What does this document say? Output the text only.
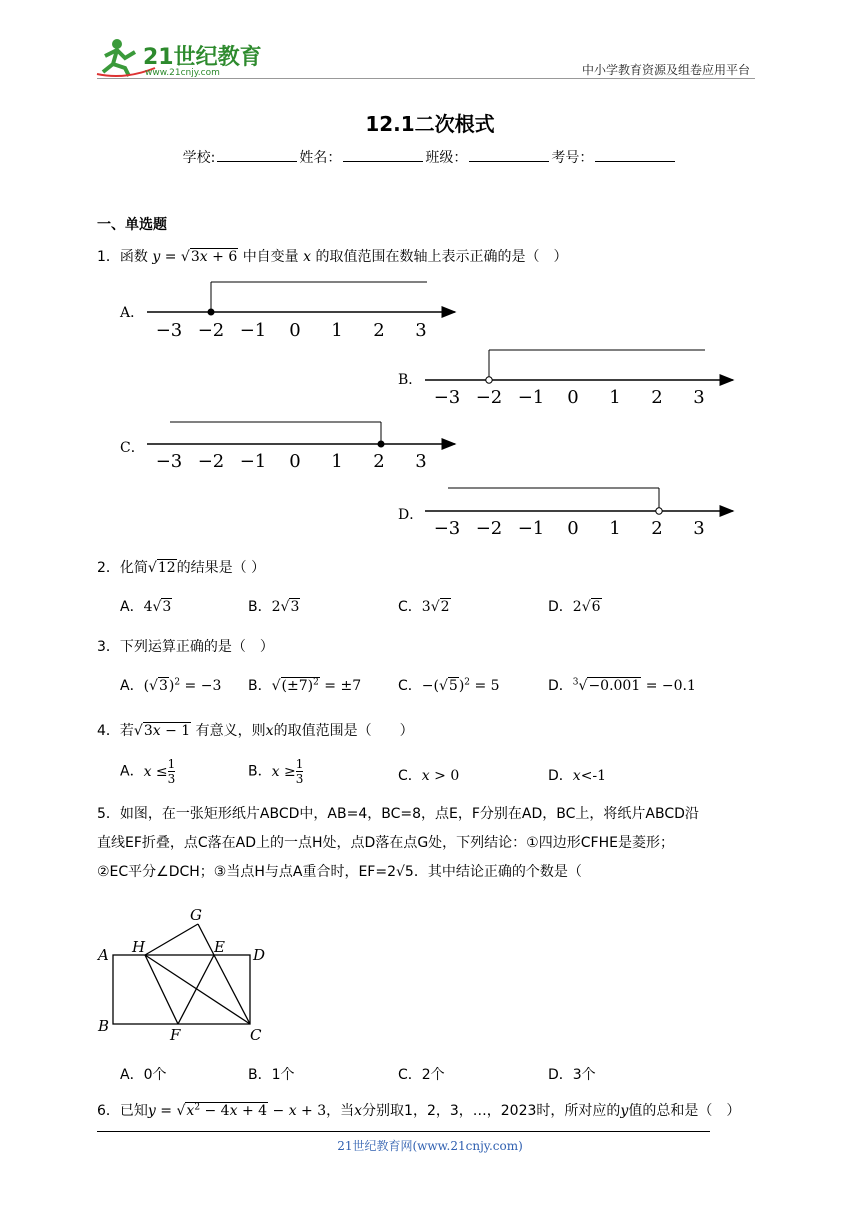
21世纪教育
www.21cnjy.com	中小学教育资源及组卷应用平台
12.1二次根式
学校:	姓名：	班级：	考号：
一、单选题
1．函数 y = √3x + 6 中自变量 x 的取值范围在数轴上表示正确的是（　）
A．
−3 −2 −1 0 1 2 3
B．
−3 −2 −1 0 1 2 3
C．
−3 −2 −1 0 1 2 3
D．
−3 −2 −1 0 1 2 3
2．化简√12的结果是（ ）
A．4√3	B．2√3	C．3√2	D．2√6
3．下列运算正确的是（　）
A．$(√3)^2 = -3$ B．$√(\pm 7)^2 = \pm 7$	C．$-(√5)^2 = 5$	D．$^3$√−0.001 = −0.1
4．若√3x − 1 有意义，则x的取值范围是（　　）
A．$x \le \frac{1}{3}$	B．$x \ge \frac{1}{3}$	C．x > 0	D．x<-1
5．如图，在一张矩形纸片ABCD中，AB=4，BC=8，点E，F分别在AD，BC上，将纸片ABCD沿
直线EF折叠，点C落在AD上的一点H处，点D落在点G处，下列结论：①四边形CFHE是菱形；
②EC平分∠DCH；③当点H与点A重合时，EF=2√5．其中结论正确的个数是（
A
B	C
D
E
F
G
H
A．0个	B．1个	C．2个	D．3个
6．已知$y = √x^2 - 4x + 4 - x + 3$，当x分别取1，2，3，…，2023时，所对应的y值的总和是（　）
21世纪教育网(www.21cnjy.com)
